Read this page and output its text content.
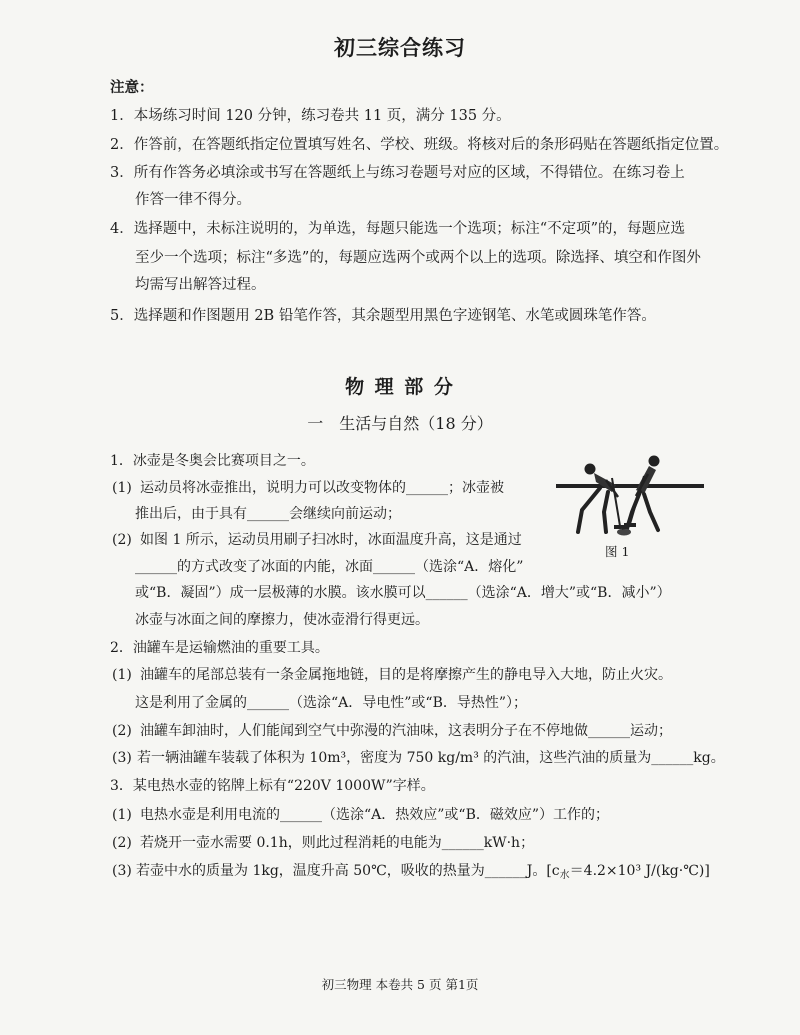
初三综合练习
注意：
1．本场练习时间 120 分钟，练习卷共 11 页，满分 135 分。
2．作答前，在答题纸指定位置填写姓名、学校、班级。将核对后的条形码贴在答题纸指定位置。
3．所有作答务必填涂或书写在答题纸上与练习卷题号对应的区域，不得错位。在练习卷上
作答一律不得分。
4．选择题中，未标注说明的，为单选，每题只能选一个选项；标注“不定项”的，每题应选
至少一个选项；标注“多选”的，每题应选两个或两个以上的选项。除选择、填空和作图外
均需写出解答过程。
5．选择题和作图题用 2B 铅笔作答，其余题型用黑色字迹钢笔、水笔或圆珠笔作答。
物 理 部 分
一　生活与自然（18 分）
1．冰壶是冬奥会比赛项目之一。
(1) 运动员将冰壶推出，说明力可以改变物体的______；冰壶被
推出后，由于具有______会继续向前运动；
(2) 如图 1 所示，运动员用刷子扫冰时，冰面温度升高，这是通过
______的方式改变了冰面的内能，冰面______（选涂“A．熔化”
或“B．凝固”）成一层极薄的水膜。该水膜可以______（选涂“A．增大”或“B．减小”）
冰壶与冰面之间的摩擦力，使冰壶滑行得更远。
图 1
2．油罐车是运输燃油的重要工具。
(1) 油罐车的尾部总装有一条金属拖地链，目的是将摩擦产生的静电导入大地，防止火灾。
这是利用了金属的______（选涂“A．导电性”或“B．导热性”）；
(2) 油罐车卸油时，人们能闻到空气中弥漫的汽油味，这表明分子在不停地做______运动；
(3) 若一辆油罐车装载了体积为 10m³，密度为 750 kg/m³ 的汽油，这些汽油的质量为______kg。
3．某电热水壶的铭牌上标有“220V 1000W”字样。
(1) 电热水壶是利用电流的______（选涂“A．热效应”或“B．磁效应”）工作的；
(2) 若烧开一壶水需要 0.1h，则此过程消耗的电能为______kW·h；
(3) 若壶中水的质量为 1kg，温度升高 50℃，吸收的热量为______J。[$c_水=4.2\times 10^3$ J/(kg·℃)]
初三物理 本卷共 5 页 第1页
